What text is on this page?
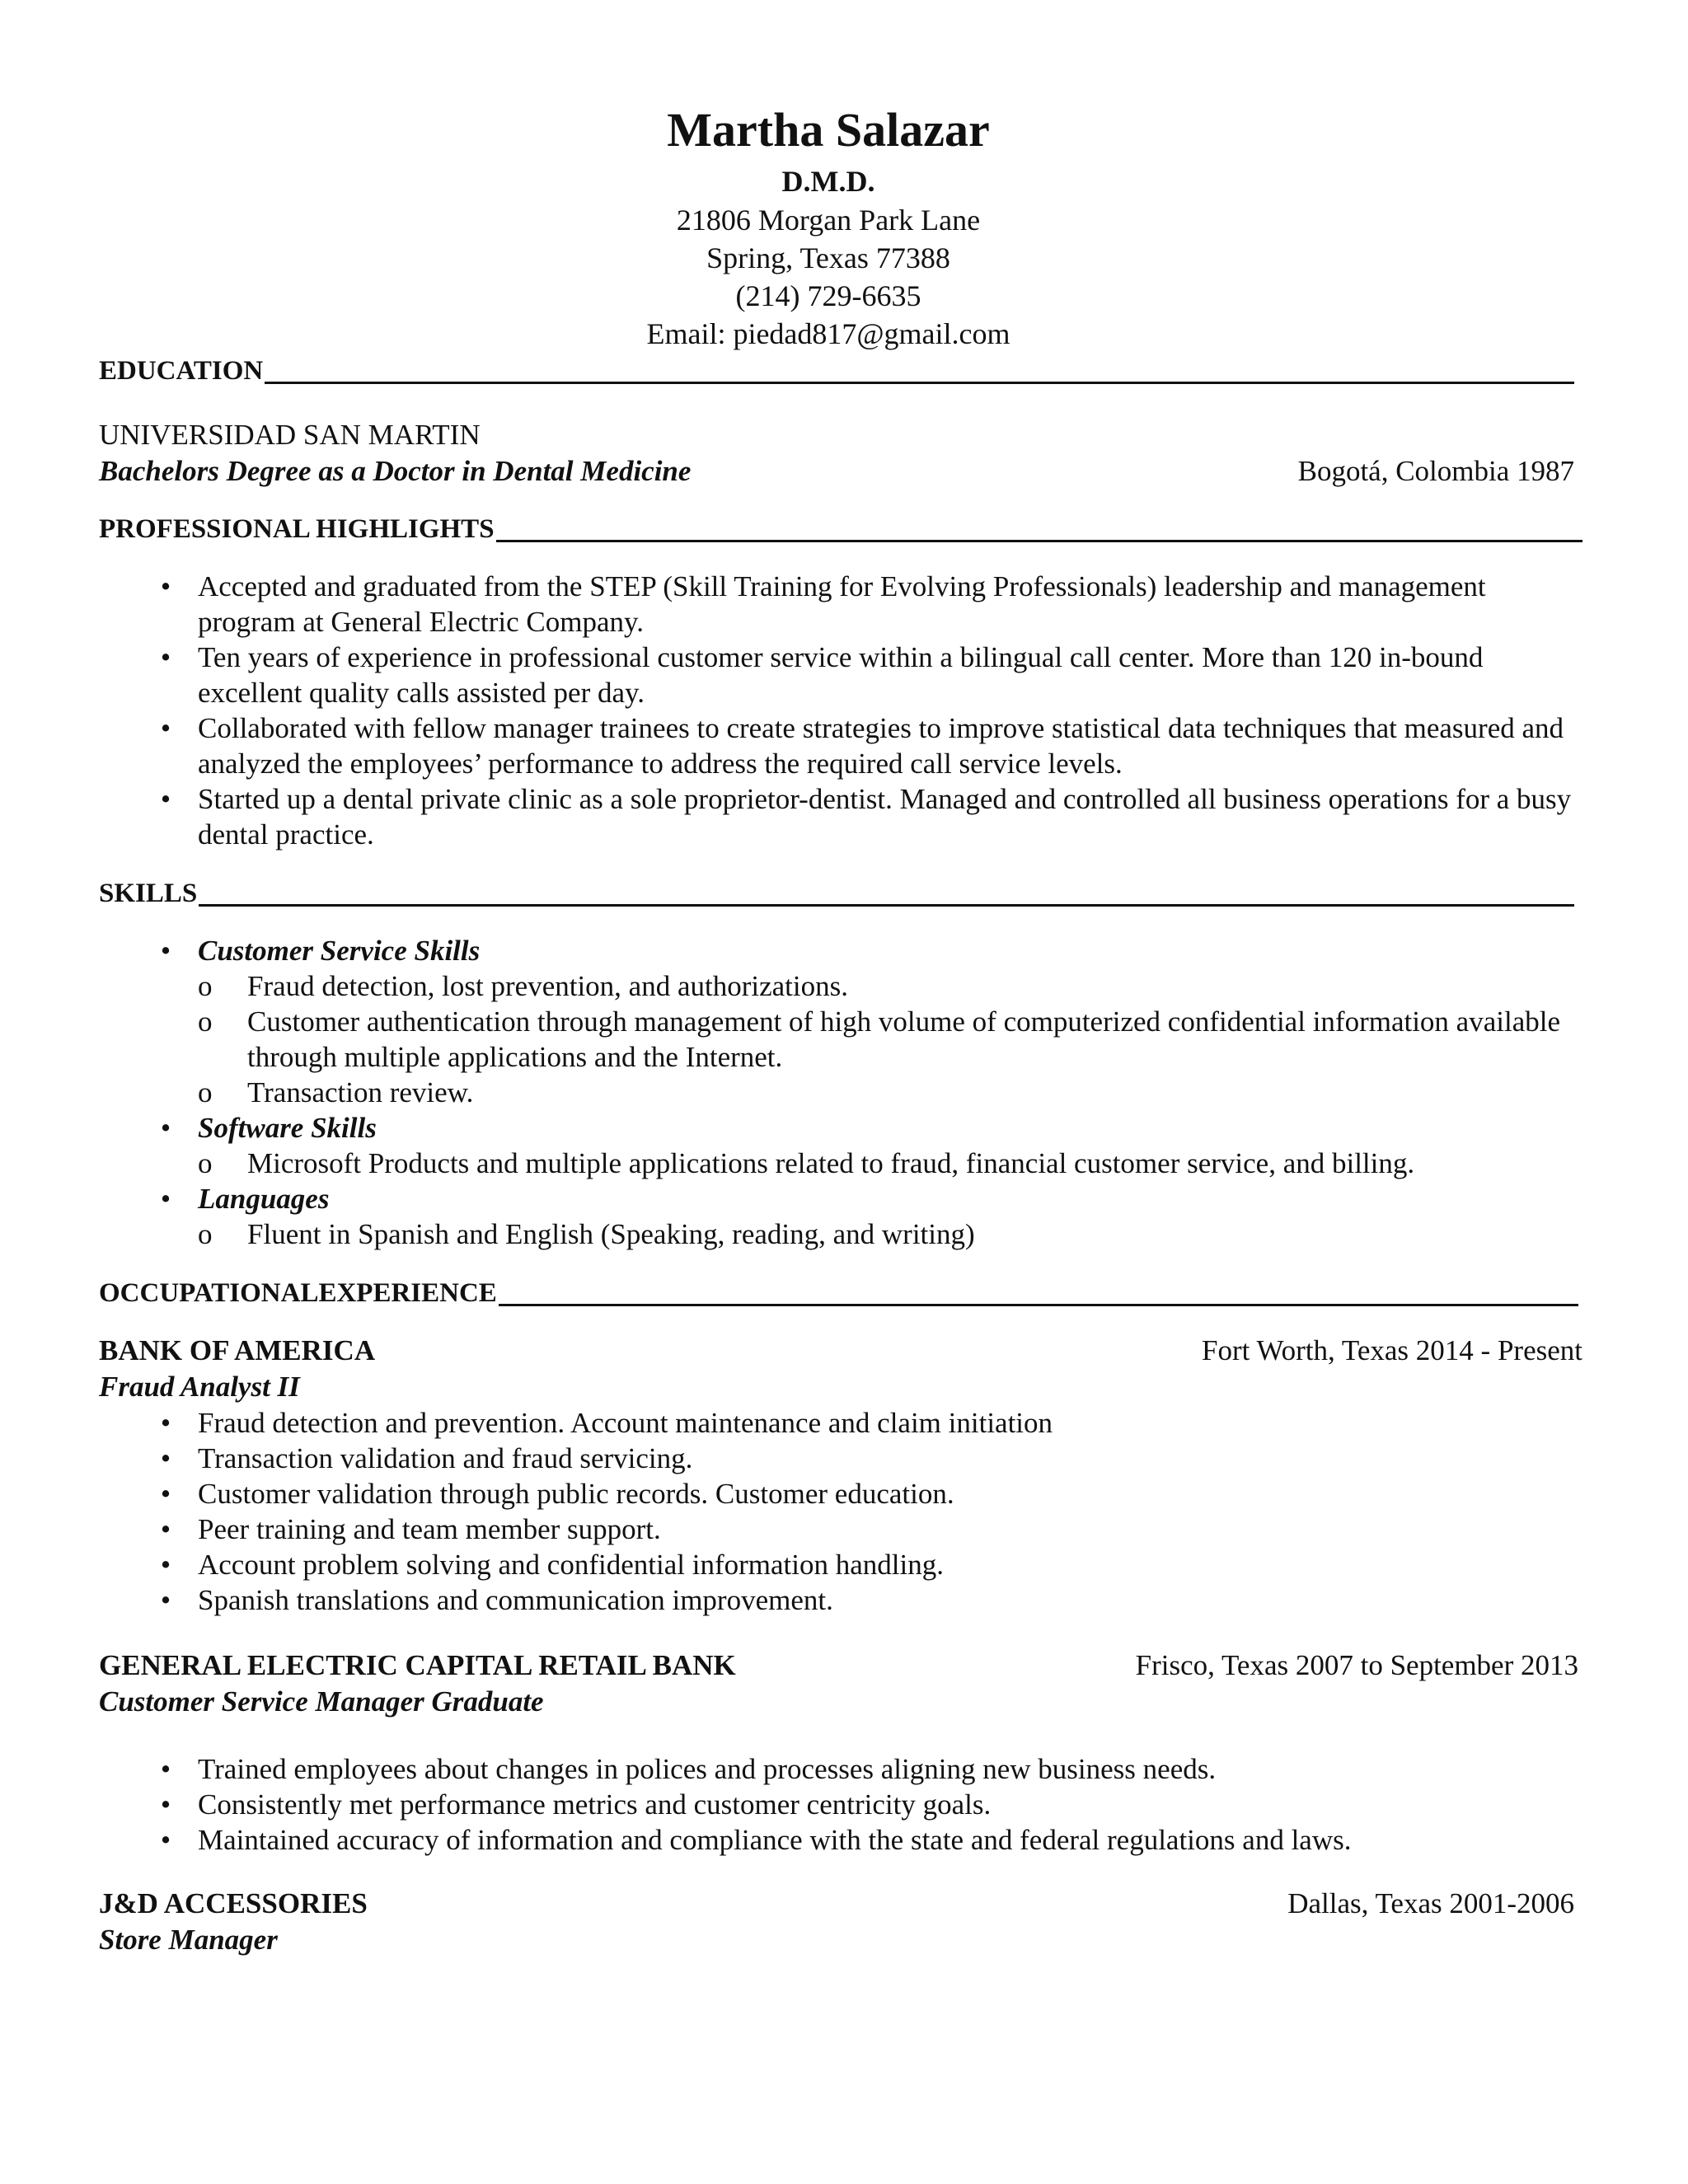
Martha Salazar
D.M.D.
21806 Morgan Park Lane
Spring, Texas 77388
(214) 729-6635
Email: piedad817@gmail.com
EDUCATION
UNIVERSIDAD SAN MARTIN
Bachelors Degree as a Doctor in Dental Medicine	Bogotá, Colombia 1987
PROFESSIONAL HIGHLIGHTS
• Accepted and graduated from the STEP (Skill Training for Evolving Professionals) leadership and management program at General Electric Company.
• Ten years of experience in professional customer service within a bilingual call center. More than 120 in-bound excellent quality calls assisted per day.
• Collaborated with fellow manager trainees to create strategies to improve statistical data techniques that measured and analyzed the employees’ performance to address the required call service levels.
• Started up a dental private clinic as a sole proprietor-dentist. Managed and controlled all business operations for a busy dental practice.
SKILLS
• Customer Service Skills
o Fraud detection, lost prevention, and authorizations.
o Customer authentication through management of high volume of computerized confidential information available through multiple applications and the Internet.
o Transaction review.
• Software Skills
o Microsoft Products and multiple applications related to fraud, financial customer service, and billing.
• Languages
o Fluent in Spanish and English (Speaking, reading, and writing)
OCCUPATIONALEXPERIENCE
BANK OF AMERICA	Fort Worth, Texas 2014 - Present
Fraud Analyst II
• Fraud detection and prevention. Account maintenance and claim initiation
• Transaction validation and fraud servicing.
• Customer validation through public records. Customer education.
• Peer training and team member support.
• Account problem solving and confidential information handling.
• Spanish translations and communication improvement.
GENERAL ELECTRIC CAPITAL RETAIL BANK	Frisco, Texas 2007 to September 2013
Customer Service Manager Graduate
• Trained employees about changes in polices and processes aligning new business needs.
• Consistently met performance metrics and customer centricity goals.
• Maintained accuracy of information and compliance with the state and federal regulations and laws.
J&D ACCESSORIES	Dallas, Texas 2001-2006
Store Manager
